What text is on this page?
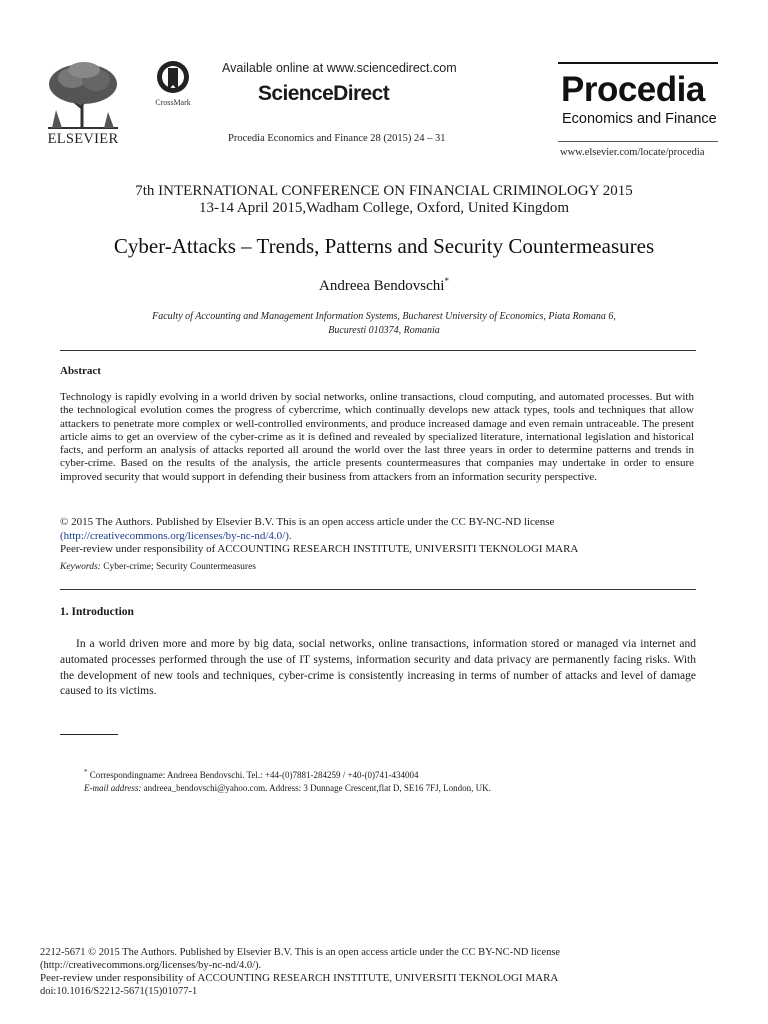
ELSEVIER
CrossMark
Available online at www.sciencedirect.com
ScienceDirect
Procedia Economics and Finance 28 (2015) 24 – 31
Procedia
Economics and Finance
www.elsevier.com/locate/procedia
7th INTERNATIONAL CONFERENCE ON FINANCIAL CRIMINOLOGY 2015
13-14 April 2015,Wadham College, Oxford, United Kingdom
Cyber-Attacks – Trends, Patterns and Security Countermeasures
Andreea Bendovschi*
Faculty of Accounting and Management Information Systems, Bucharest University of Economics, Piata Romana 6,
Bucuresti 010374, Romania
Abstract
Technology is rapidly evolving in a world driven by social networks, online transactions, cloud computing, and automated processes. But with the technological evolution comes the progress of cybercrime, which continually develops new attack types, tools and techniques that allow attackers to penetrate more complex or well-controlled environments, and produce increased damage and even remain untraceable. The present article aims to get an overview of the cyber-crime as it is defined and revealed by specialized literature, international legislation and historical facts, and perform an analysis of attacks reported all around the world over the last three years in order to determine patterns and trends in cyber-crime. Based on the results of the analysis, the article presents countermeasures that companies may undertake in order to ensure improved security that would support in defending their business from attackers from an information security perspective.
© 2015 The Authors. Published by Elsevier B.V. This is an open access article under the CC BY-NC-ND license
(http://creativecommons.org/licenses/by-nc-nd/4.0/).
Peer-review under responsibility of ACCOUNTING RESEARCH INSTITUTE, UNIVERSITI TEKNOLOGI MARA
Keywords: Cyber-crime; Security Countermeasures
1. Introduction
In a world driven more and more by big data, social networks, online transactions, information stored or managed via internet and automated processes performed through the use of IT systems, information security and data privacy are permanently facing risks. With the development of new tools and techniques, cyber-crime is consistently increasing in terms of number of attacks and level of damage caused to its victims.
* Correspondingname: Andreea Bendovschi. Tel.: +44-(0)7881-284259 / +40-(0)741-434004
E-mail address: andreea_bendovschi@yahoo.com. Address: 3 Dunnage Crescent,flat D, SE16 7FJ, London, UK.
2212-5671 © 2015 The Authors. Published by Elsevier B.V. This is an open access article under the CC BY-NC-ND license
(http://creativecommons.org/licenses/by-nc-nd/4.0/).
Peer-review under responsibility of ACCOUNTING RESEARCH INSTITUTE, UNIVERSITI TEKNOLOGI MARA
doi:10.1016/S2212-5671(15)01077-1
